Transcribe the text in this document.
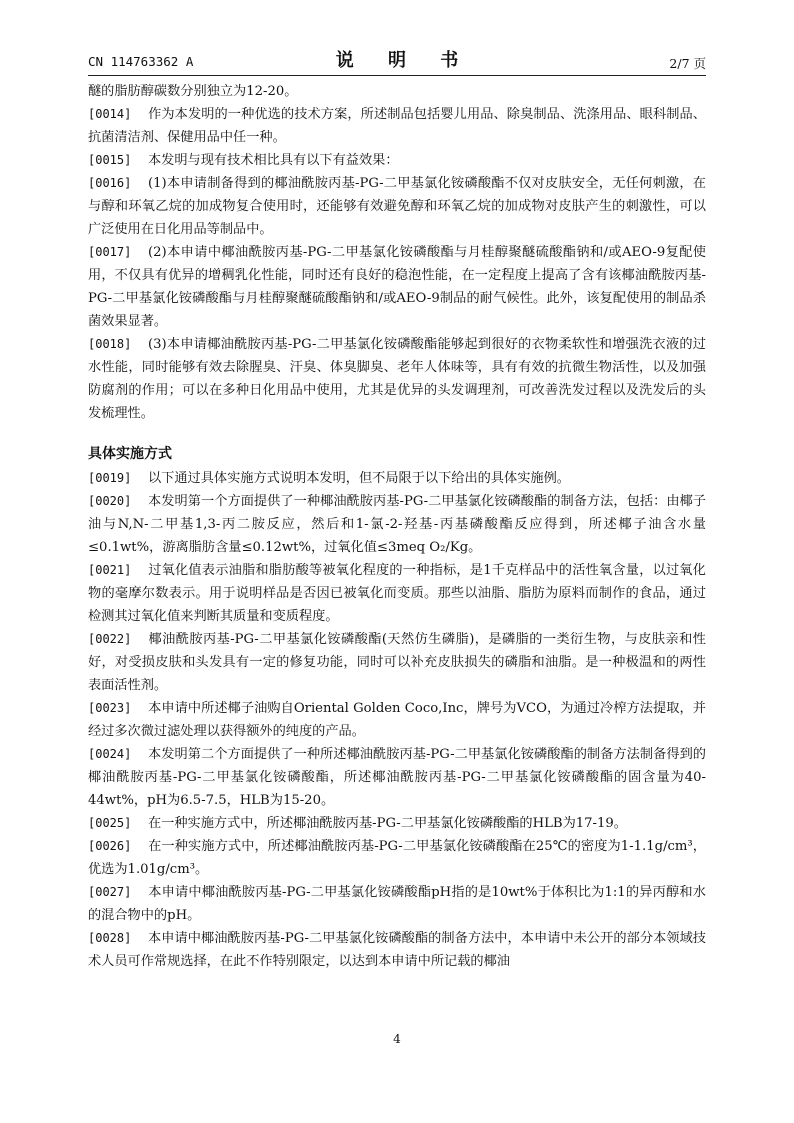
CN 114763362 A	说 明 书	2/7 页

醚的脂肪醇碳数分别独立为12-20。

[0014] 作为本发明的一种优选的技术方案，所述制品包括婴儿用品、除臭制品、洗涤用品、眼科制品、抗菌清洁剂、保健用品中任一种。

[0015] 本发明与现有技术相比具有以下有益效果：

[0016] (1)本申请制备得到的椰油酰胺丙基-PG-二甲基氯化铵磷酸酯不仅对皮肤安全，无任何刺激，在与醇和环氧乙烷的加成物复合使用时，还能够有效避免醇和环氧乙烷的加成物对皮肤产生的刺激性，可以广泛使用在日化用品等制品中。

[0017] (2)本申请中椰油酰胺丙基-PG-二甲基氯化铵磷酸酯与月桂醇聚醚硫酸酯钠和/或AEO-9复配使用，不仅具有优异的增稠乳化性能，同时还有良好的稳泡性能，在一定程度上提高了含有该椰油酰胺丙基-PG-二甲基氯化铵磷酸酯与月桂醇聚醚硫酸酯钠和/或AEO-9制品的耐气候性。此外，该复配使用的制品杀菌效果显著。

[0018] (3)本申请椰油酰胺丙基-PG-二甲基氯化铵磷酸酯能够起到很好的衣物柔软性和增强洗衣液的过水性能，同时能够有效去除腥臭、汗臭、体臭脚臭、老年人体味等，具有有效的抗微生物活性，以及加强防腐剂的作用；可以在多种日化用品中使用，尤其是优异的头发调理剂，可改善洗发过程以及洗发后的头发梳理性。

具体实施方式

[0019] 以下通过具体实施方式说明本发明，但不局限于以下给出的具体实施例。

[0020] 本发明第一个方面提供了一种椰油酰胺丙基-PG-二甲基氯化铵磷酸酯的制备方法，包括：由椰子油与N,N-二甲基1,3-丙二胺反应，然后和1-氯-2-羟基-丙基磷酸酯反应得到，所述椰子油含水量≤0.1wt%，游离脂肪含量≤0.12wt%，过氧化值≤3meq O₂/Kg。

[0021] 过氧化值表示油脂和脂肪酸等被氧化程度的一种指标，是1千克样品中的活性氧含量，以过氧化物的毫摩尔数表示。用于说明样品是否因已被氧化而变质。那些以油脂、脂肪为原料而制作的食品，通过检测其过氧化值来判断其质量和变质程度。

[0022] 椰油酰胺丙基-PG-二甲基氯化铵磷酸酯(天然仿生磷脂)，是磷脂的一类衍生物，与皮肤亲和性好，对受损皮肤和头发具有一定的修复功能，同时可以补充皮肤损失的磷脂和油脂。是一种极温和的两性表面活性剂。

[0023] 本申请中所述椰子油购自Oriental Golden Coco,Inc，牌号为VCO，为通过冷榨方法提取，并经过多次微过滤处理以获得额外的纯度的产品。

[0024] 本发明第二个方面提供了一种所述椰油酰胺丙基-PG-二甲基氯化铵磷酸酯的制备方法制备得到的椰油酰胺丙基-PG-二甲基氯化铵磷酸酯，所述椰油酰胺丙基-PG-二甲基氯化铵磷酸酯的固含量为40-44wt%，pH为6.5-7.5，HLB为15-20。

[0025] 在一种实施方式中，所述椰油酰胺丙基-PG-二甲基氯化铵磷酸酯的HLB为17-19。

[0026] 在一种实施方式中，所述椰油酰胺丙基-PG-二甲基氯化铵磷酸酯在25℃的密度为1-1.1g/cm³，优选为1.01g/cm³。

[0027] 本申请中椰油酰胺丙基-PG-二甲基氯化铵磷酸酯pH指的是10wt%于体积比为1:1的异丙醇和水的混合物中的pH。

[0028] 本申请中椰油酰胺丙基-PG-二甲基氯化铵磷酸酯的制备方法中，本申请中未公开的部分本领域技术人员可作常规选择，在此不作特别限定，以达到本申请中所记载的椰油

4
